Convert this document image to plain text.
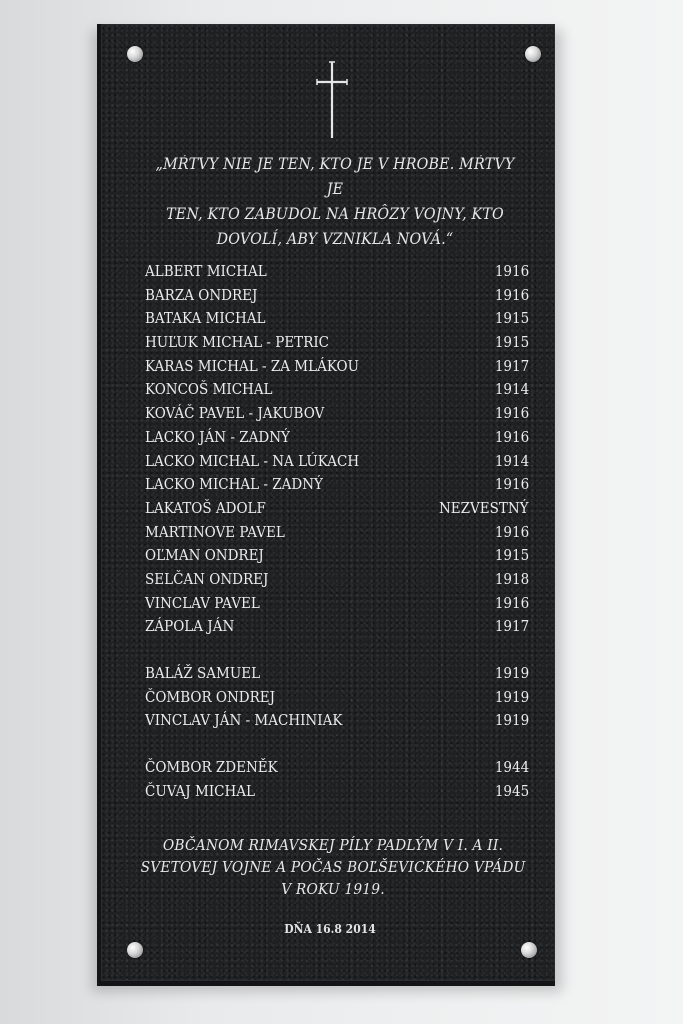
„MŔTVY NIE JE TEN, KTO JE V HROBE. MŔTVY JE
TEN, KTO ZABUDOL NA HRÔZY VOJNY, KTO
DOVOLÍ, ABY VZNIKLA NOVÁ.“
ALBERT MICHAL	1916
BARZA ONDREJ	1916
BATAKA MICHAL	1915
HUĽUK MICHAL - PETRIC	1915
KARAS MICHAL - ZA MLÁKOU	1917
KONCOŠ MICHAL	1914
KOVÁČ PAVEL - JAKUBOV	1916
LACKO JÁN - ZADNÝ	1916
LACKO MICHAL - NA LÚKACH	1914
LACKO MICHAL - ZADNÝ	1916
LAKATOŠ ADOLF	NEZVESTNÝ
MARTINOVE PAVEL	1916
OĽMAN ONDREJ	1915
SELČAN ONDREJ	1918
VINCLAV PAVEL	1916
ZÁPOLA JÁN	1917
BALÁŽ SAMUEL	1919
ČOMBOR ONDREJ	1919
VINCLAV JÁN - MACHINIAK	1919
ČOMBOR ZDENĚK	1944
ČUVAJ MICHAL	1945
OBČANOM RIMAVSKEJ PÍLY PADLÝM V I. A II.
SVETOVEJ VOJNE A POČAS BOĽŠEVICKÉHO VPÁDU
V ROKU 1919.
DŇA 16.8 2014
